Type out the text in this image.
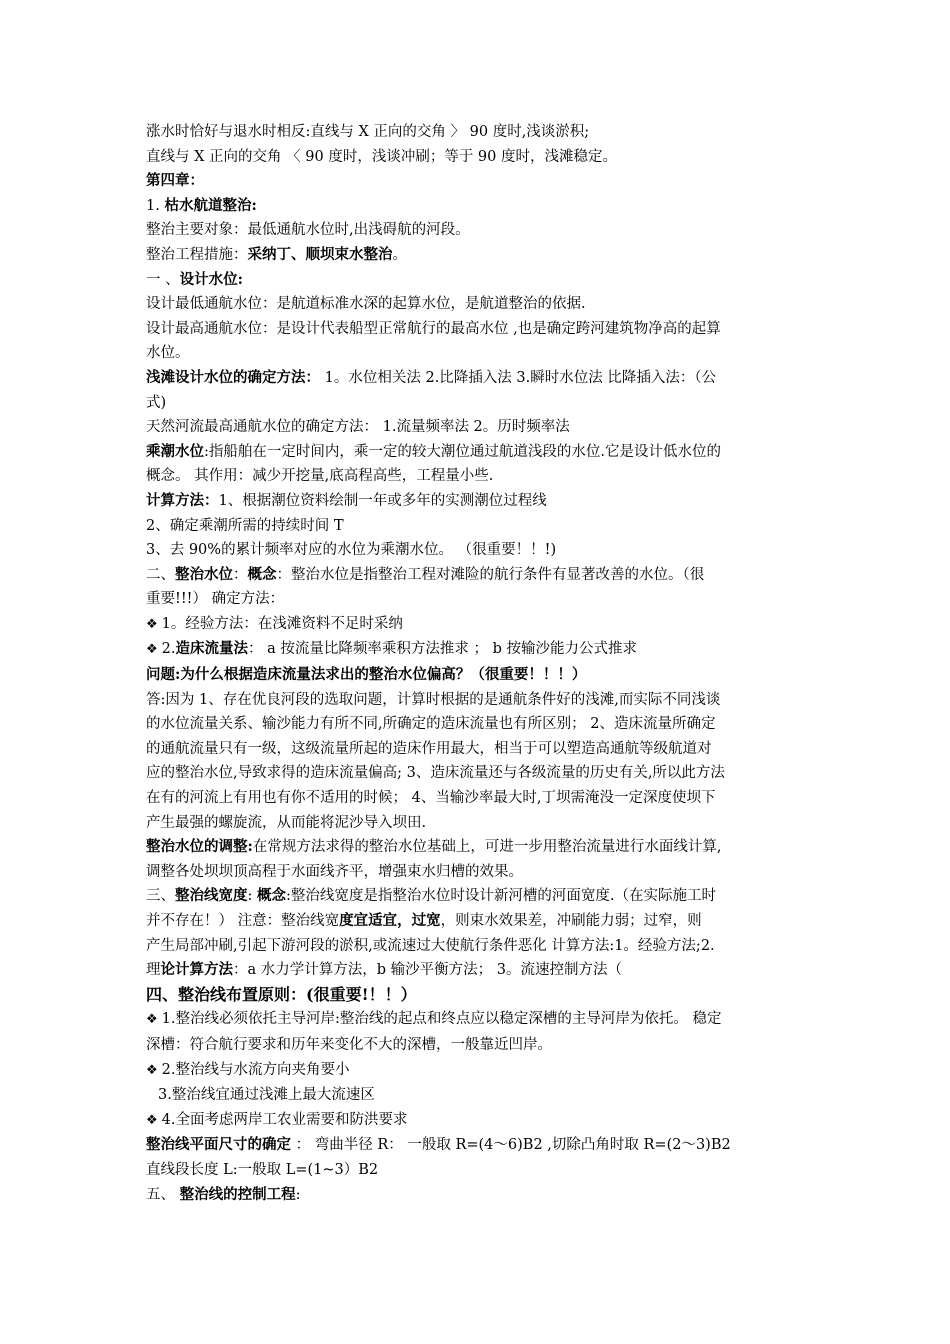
涨水时恰好与退水时相反:直线与 X 正向的交角 〉 90 度时,浅谈淤积;
直线与 X 正向的交角 〈 90 度时，浅谈冲刷；等于 90 度时，浅滩稳定。
第四章：
1. 枯水航道整治:
整治主要对象：最低通航水位时,出浅碍航的河段。
整治工程措施：采纳丁、顺坝束水整治。
一 、设计水位:
设计最低通航水位：是航道标准水深的起算水位，是航道整治的依据.
设计最高通航水位：是设计代表船型正常航行的最高水位 ,也是确定跨河建筑物净高的起算
水位。
浅滩设计水位的确定方法： 1。水位相关法 2.比降插入法 3.瞬时水位法 比降插入法：（公
式)
天然河流最高通航水位的确定方法： 1.流量频率法 2。历时频率法
乘潮水位:指船舶在一定时间内，乘一定的较大潮位通过航道浅段的水位.它是设计低水位的
概念。 其作用：减少开挖量,底高程高些，工程量小些.
计算方法：1、根据潮位资料绘制一年或多年的实测潮位过程线
2、确定乘潮所需的持续时间 T
3、去 90%的累计频率对应的水位为乘潮水位。 （很重要！！!)
二、整治水位：概念：整治水位是指整治工程对滩险的航行条件有显著改善的水位。（很
重要!!!） 确定方法：
❖ 1。经验方法：在浅滩资料不足时采纳
❖ 2.造床流量法： a 按流量比降频率乘积方法推求 ； b 按输沙能力公式推求
问题:为什么根据造床流量法求出的整治水位偏高？（很重要！！！）
答:因为 1、存在优良河段的选取问题，计算时根据的是通航条件好的浅滩,而实际不同浅谈
的水位流量关系、输沙能力有所不同,所确定的造床流量也有所区别； 2、造床流量所确定
的通航流量只有一级，这级流量所起的造床作用最大，相当于可以塑造高通航等级航道对
应的整治水位,导致求得的造床流量偏高; 3、造床流量还与各级流量的历史有关,所以此方法
在有的河流上有用也有你不适用的时候； 4、当输沙率最大时,丁坝需淹没一定深度使坝下
产生最强的螺旋流，从而能将泥沙导入坝田.
整治水位的调整:在常规方法求得的整治水位基础上，可进一步用整治流量进行水面线计算,
调整各处坝坝顶高程于水面线齐平，增强束水归槽的效果。
三、整治线宽度: 概念:整治线宽度是指整治水位时设计新河槽的河面宽度.（在实际施工时
并不存在！） 注意：整治线宽度宜适宜，过宽，则束水效果差，冲刷能力弱；过窄，则
产生局部冲刷,引起下游河段的淤积,或流速过大使航行条件恶化 计算方法:1。经验方法;2.
理论计算方法：a 水力学计算方法，b 输沙平衡方法； 3。流速控制方法（
四、整治线布置原则：(很重要!！！）
❖ 1.整治线必须依托主导河岸:整治线的起点和终点应以稳定深槽的主导河岸为依托。 稳定
深槽：符合航行要求和历年来变化不大的深槽，一般靠近凹岸。
❖ 2.整治线与水流方向夹角要小
3.整治线宜通过浅滩上最大流速区
❖ 4.全面考虑两岸工农业需要和防洪要求
整治线平面尺寸的确定 ： 弯曲半径 R： 一般取 R=(4～6)B2 ,切除凸角时取 R=(2～3)B2
直线段长度 L:一般取 L=(1~3）B2
五、 整治线的控制工程:
